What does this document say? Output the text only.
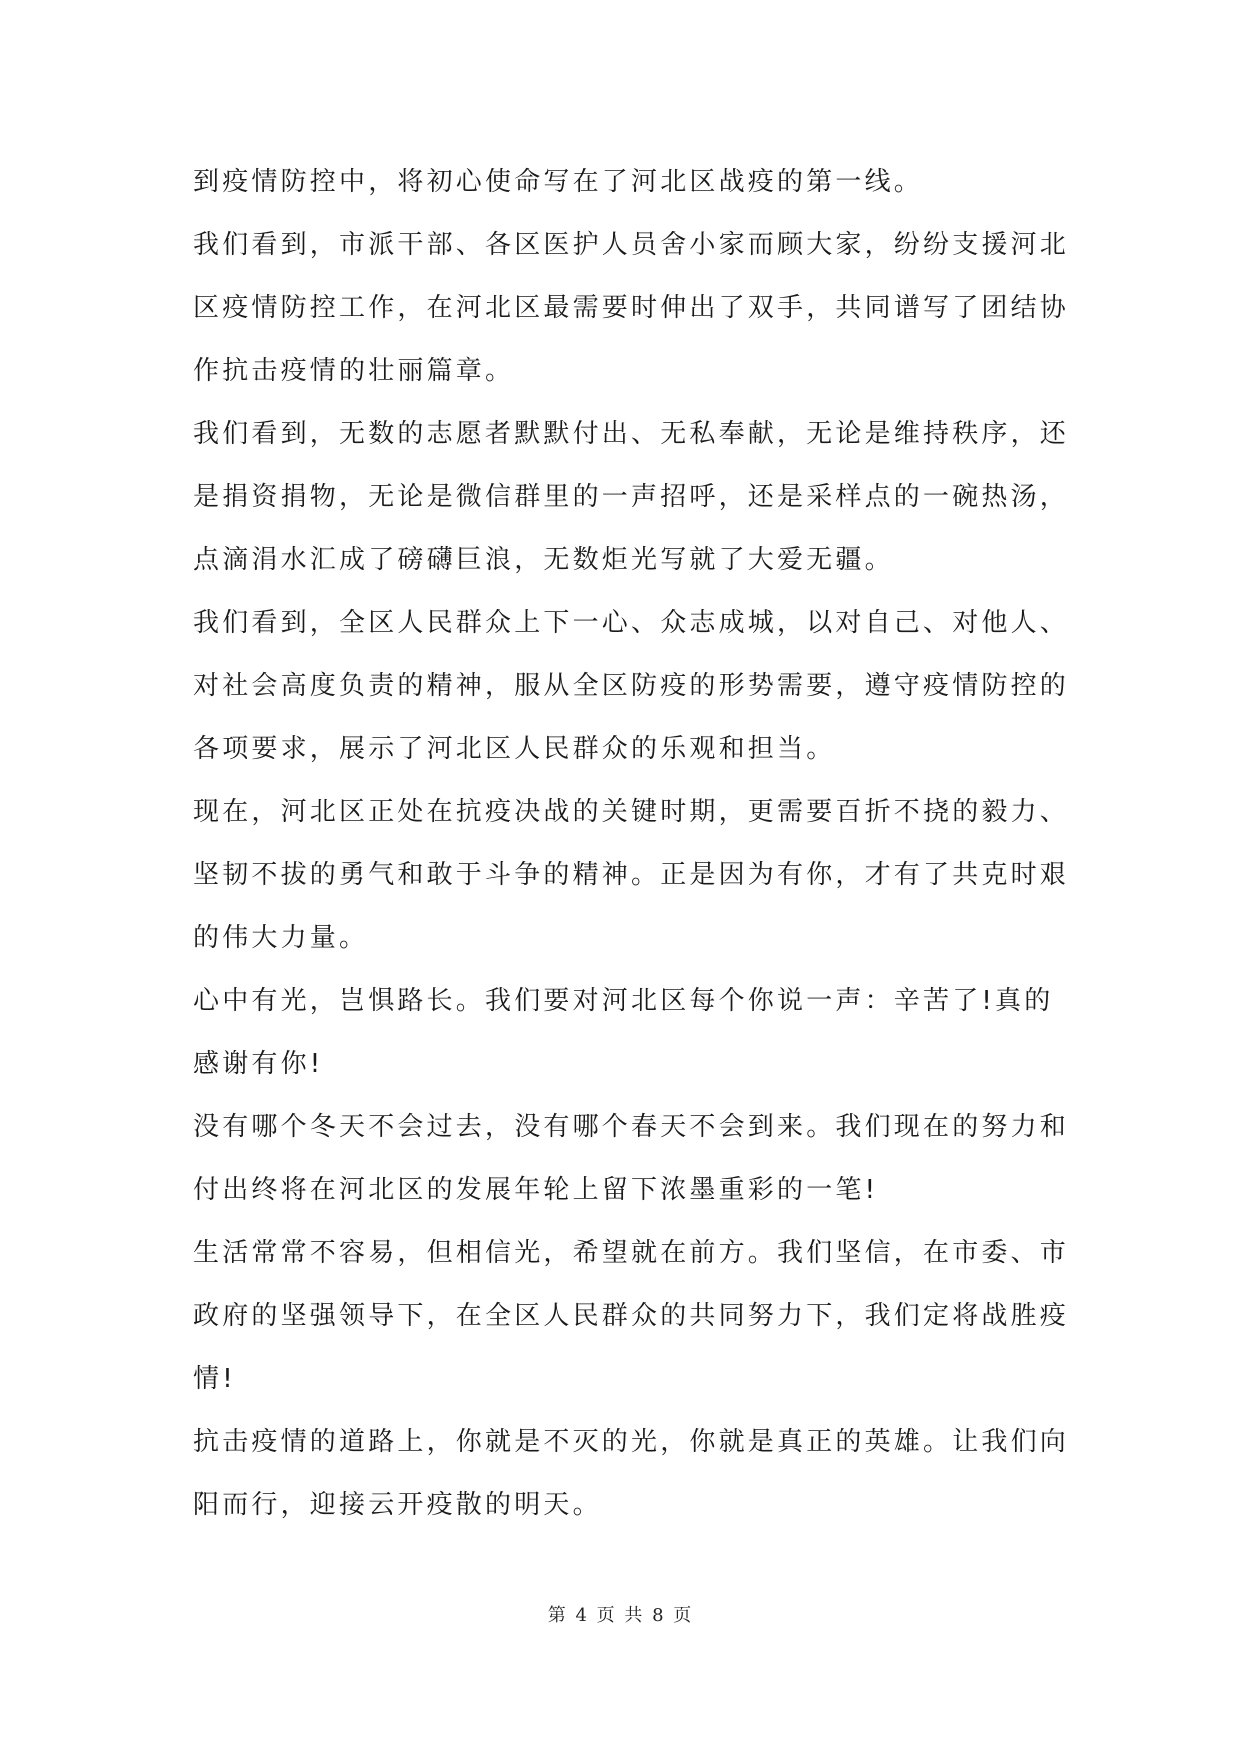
到疫情防控中，将初心使命写在了河北区战疫的第一线。

我们看到，市派干部、各区医护人员舍小家而顾大家，纷纷支援河北

区疫情防控工作，在河北区最需要时伸出了双手，共同谱写了团结协

作抗击疫情的壮丽篇章。

我们看到，无数的志愿者默默付出、无私奉献，无论是维持秩序，还

是捐资捐物，无论是微信群里的一声招呼，还是采样点的一碗热汤，

点滴涓水汇成了磅礴巨浪，无数炬光写就了大爱无疆。

我们看到，全区人民群众上下一心、众志成城，以对自己、对他人、

对社会高度负责的精神，服从全区防疫的形势需要，遵守疫情防控的

各项要求，展示了河北区人民群众的乐观和担当。

现在，河北区正处在抗疫决战的关键时期，更需要百折不挠的毅力、

坚韧不拔的勇气和敢于斗争的精神。正是因为有你，才有了共克时艰

的伟大力量。

心中有光，岂惧路长。我们要对河北区每个你说一声：辛苦了!真的

感谢有你!

没有哪个冬天不会过去，没有哪个春天不会到来。我们现在的努力和

付出终将在河北区的发展年轮上留下浓墨重彩的一笔!

生活常常不容易，但相信光，希望就在前方。我们坚信，在市委、市

政府的坚强领导下，在全区人民群众的共同努力下，我们定将战胜疫

情!

抗击疫情的道路上，你就是不灭的光，你就是真正的英雄。让我们向

阳而行，迎接云开疫散的明天。

第 4 页 共 8 页
